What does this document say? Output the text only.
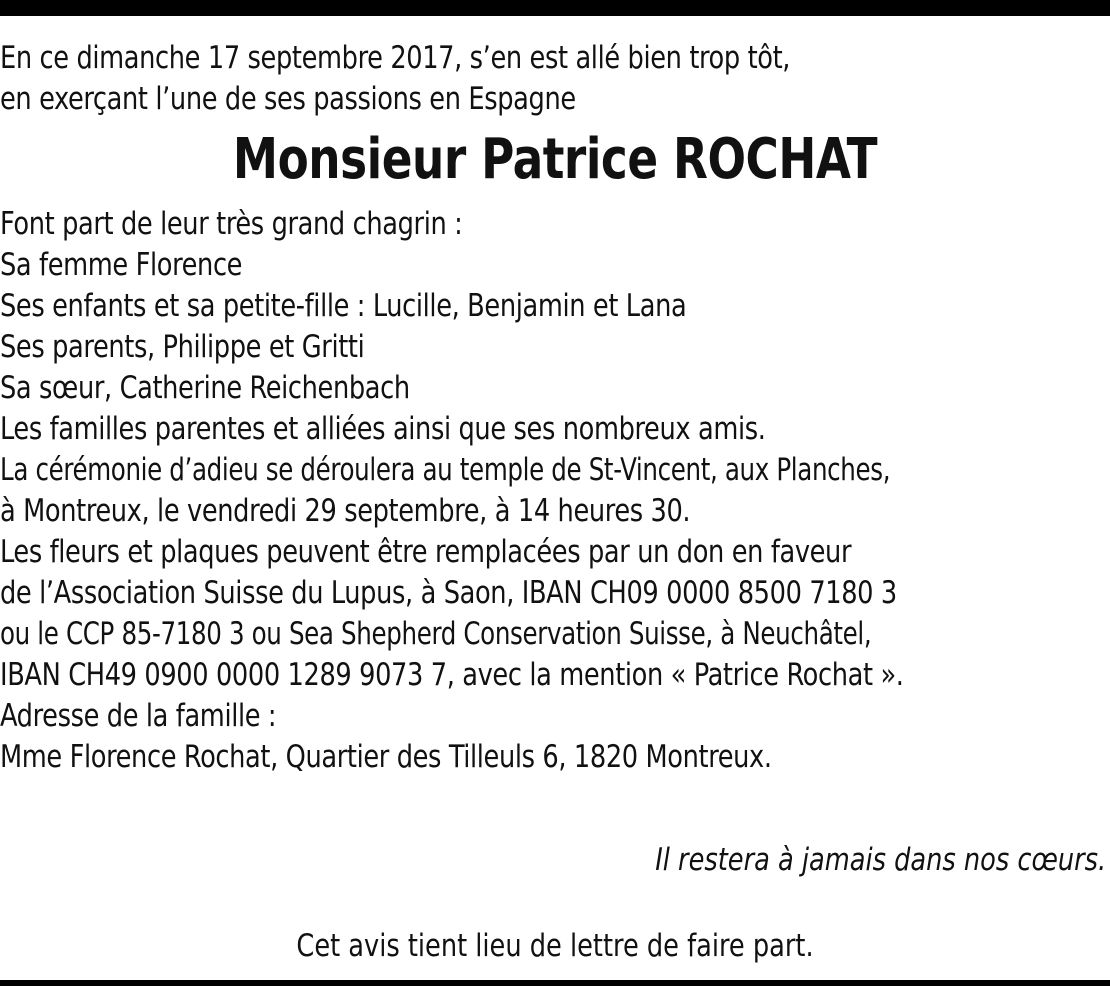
En ce dimanche 17 septembre 2017, s’en est allé bien trop tôt,
en exerçant l’une de ses passions en Espagne
Monsieur Patrice ROCHAT
Font part de leur très grand chagrin :
Sa femme Florence
Ses enfants et sa petite-fille : Lucille, Benjamin et Lana
Ses parents, Philippe et Gritti
Sa sœur, Catherine Reichenbach
Les familles parentes et alliées ainsi que ses nombreux amis.
La cérémonie d’adieu se déroulera au temple de St-Vincent, aux Planches,
à Montreux, le vendredi 29 septembre, à 14 heures 30.
Les fleurs et plaques peuvent être remplacées par un don en faveur
de l’Association Suisse du Lupus, à Saon, IBAN CH09 0000 8500 7180 3
ou le CCP 85-7180 3 ou Sea Shepherd Conservation Suisse, à Neuchâtel,
IBAN CH49 0900 0000 1289 9073 7, avec la mention « Patrice Rochat ».
Adresse de la famille :
Mme Florence Rochat, Quartier des Tilleuls 6, 1820 Montreux.
Il restera à jamais dans nos cœurs.
Cet avis tient lieu de lettre de faire part.
